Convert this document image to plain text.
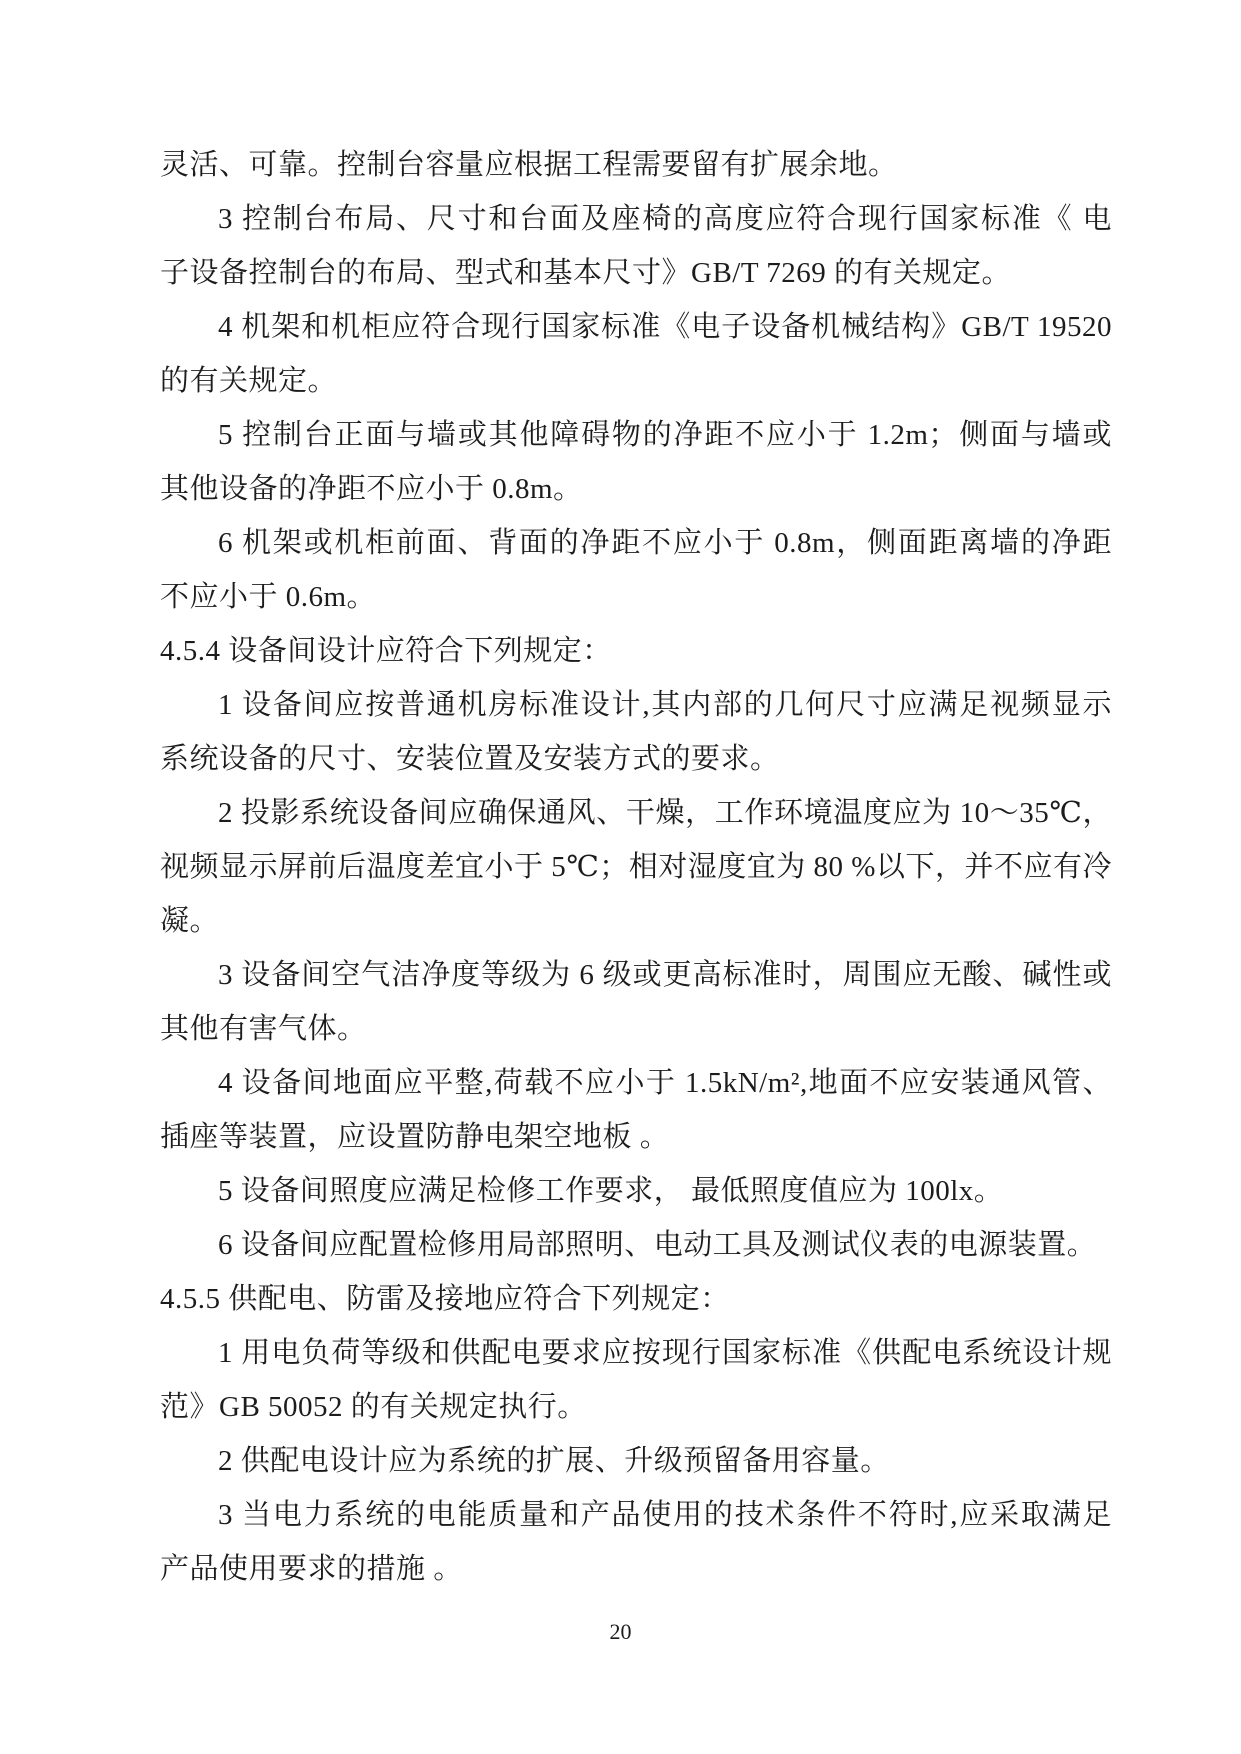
灵活、可靠。控制台容量应根据工程需要留有扩展余地。
3 控制台布局、尺寸和台面及座椅的高度应符合现行国家标准《 电
子设备控制台的布局、型式和基本尺寸》GB/T 7269 的有关规定。
4 机架和机柜应符合现行国家标准《电子设备机械结构》GB/T 19520
的有关规定。
5 控制台正面与墙或其他障碍物的净距不应小于 1.2m；侧面与墙或
其他设备的净距不应小于 0.8m。
6 机架或机柜前面、背面的净距不应小于 0.8m，侧面距离墙的净距
不应小于 0.6m。
4.5.4 设备间设计应符合下列规定：
1 设备间应按普通机房标准设计,其内部的几何尺寸应满足视频显示
系统设备的尺寸、安装位置及安装方式的要求。
2 投影系统设备间应确保通风、干燥，工作环境温度应为 10～35℃，
视频显示屏前后温度差宜小于 5℃；相对湿度宜为 80 %以下，并不应有冷
凝。
3 设备间空气洁净度等级为 6 级或更高标准时，周围应无酸、碱性或
其他有害气体。
4 设备间地面应平整,荷载不应小于 1.5kN/m²,地面不应安装通风管、
插座等装置，应设置防静电架空地板 。
5 设备间照度应满足检修工作要求， 最低照度值应为 100lx。
6 设备间应配置检修用局部照明、电动工具及测试仪表的电源装置。
4.5.5 供配电、防雷及接地应符合下列规定：
1 用电负荷等级和供配电要求应按现行国家标准《供配电系统设计规
范》GB 50052 的有关规定执行。
2 供配电设计应为系统的扩展、升级预留备用容量。
3 当电力系统的电能质量和产品使用的技术条件不符时,应采取满足
产品使用要求的措施 。
20
